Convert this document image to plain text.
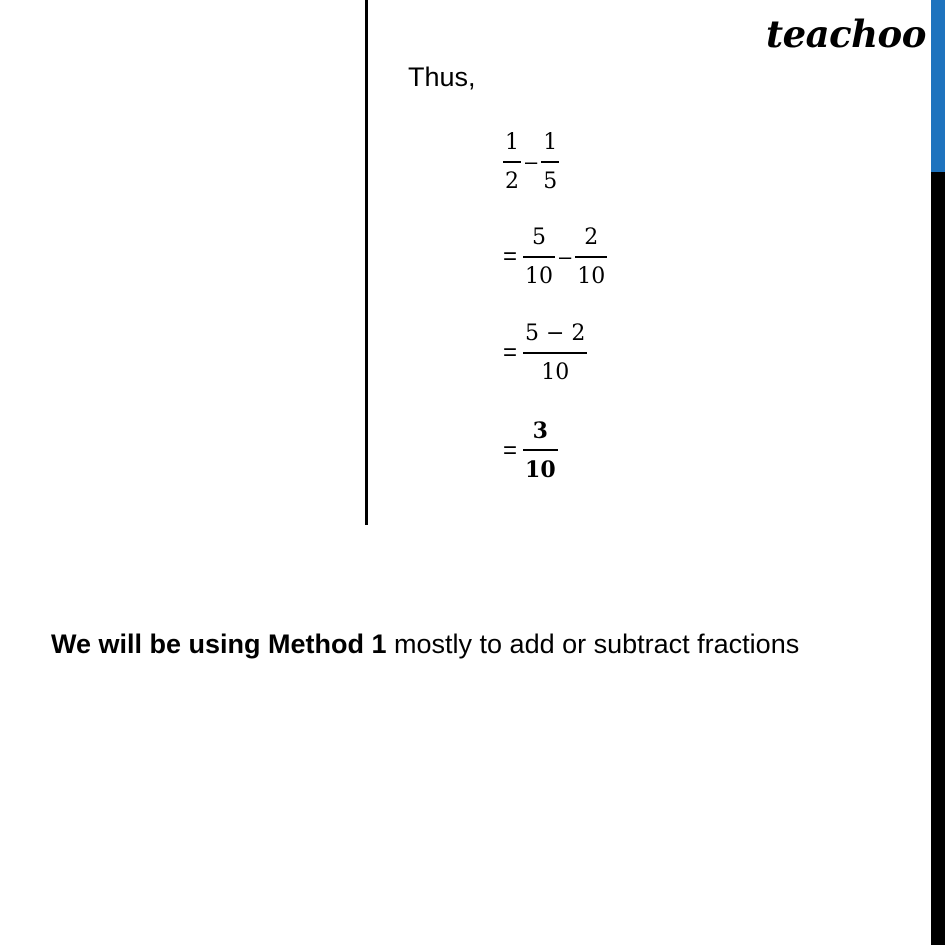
teachoo
Thus,
$\frac{1}{2} - \frac{1}{5}$
= $\frac{5}{10} - \frac{2}{10}$
= $\frac{5 - 2}{10}$
= $\frac{3}{10}$
We will be using Method 1 mostly to add or subtract fractions
